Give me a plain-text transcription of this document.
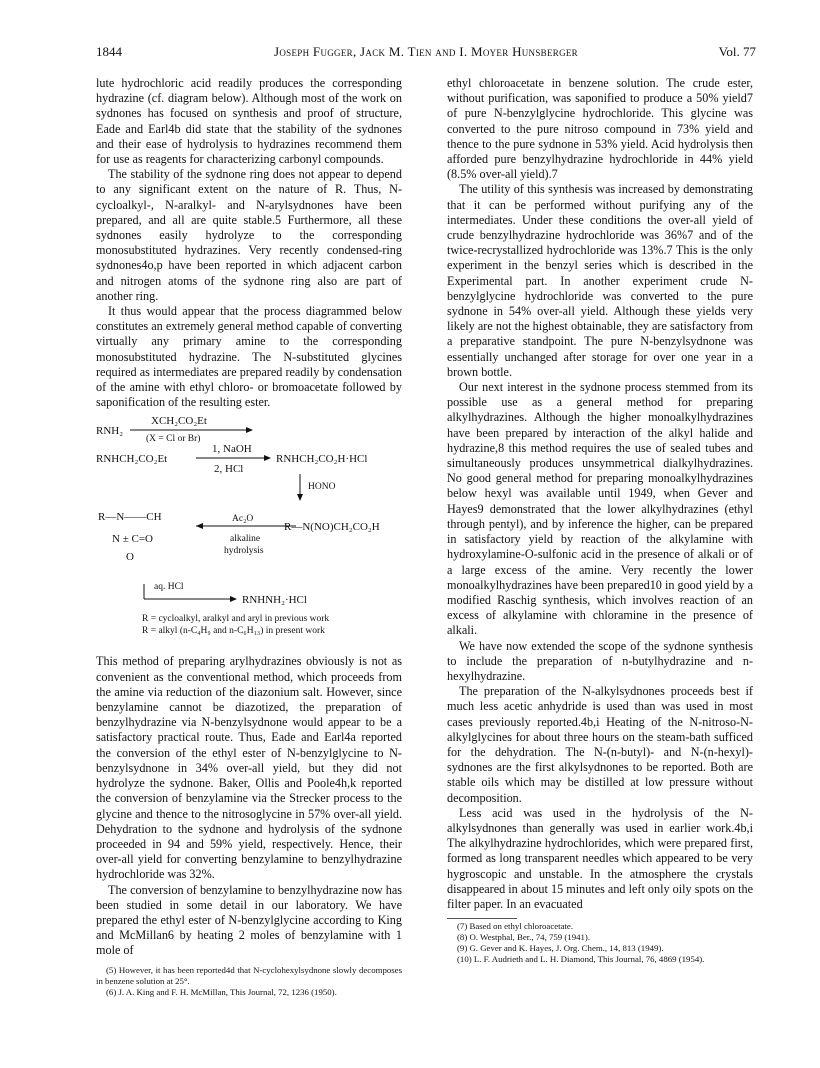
1844	Joseph Fugger, Jack M. Tien and I. Moyer Hunsberger	Vol. 77

lute hydrochloric acid readily produces the corresponding hydrazine (cf. diagram below). Although most of the work on sydnones has focused on synthesis and proof of structure, Eade and Earl4b did state that the stability of the sydnones and their ease of hydrolysis to hydrazines recommend them for use as reagents for characterizing carbonyl compounds.

The stability of the sydnone ring does not appear to depend to any significant extent on the nature of R. Thus, N-cycloalkyl-, N-aralkyl- and N-arylsydnones have been prepared, and all are quite stable.5 Furthermore, all these sydnones easily hydrolyze to the corresponding monosubstituted hydrazines. Very recently condensed-ring sydnones4o,p have been reported in which adjacent carbon and nitrogen atoms of the sydnone ring also are part of another ring.

It thus would appear that the process diagrammed below constitutes an extremely general method capable of converting virtually any primary amine to the corresponding monosubstituted hydrazine. The N-substituted glycines required as intermediates are prepared readily by condensation of the amine with ethyl chloro- or bromoacetate followed by saponification of the resulting ester.

RNH₂
XCH₂CO₂Et
(X = Cl or Br)
RNHCH₂CO₂Et
1, NaOH
2, HCl
RNHCH₂CO₂H·HCl
HONO
R—N——CH
N ± C=O
O
Ac₂O
alkaline
hydrolysis
R—N(NO)CH₂CO₂H
aq. HCl
RNHNH₂·HCl
R = cycloalkyl, aralkyl and aryl in previous work
R = alkyl (n-C₄H₉ and n-C₆H₁₃) in present work

This method of preparing arylhydrazines obviously is not as convenient as the conventional method, which proceeds from the amine via reduction of the diazonium salt. However, since benzylamine cannot be diazotized, the preparation of benzylhydrazine via N-benzylsydnone would appear to be a satisfactory practical route. Thus, Eade and Earl4a reported the conversion of the ethyl ester of N-benzylglycine to N-benzylsydnone in 34% over-all yield, but they did not hydrolyze the sydnone. Baker, Ollis and Poole4h,k reported the conversion of benzylamine via the Strecker process to the glycine and thence to the nitrosoglycine in 57% over-all yield. Dehydration to the sydnone and hydrolysis of the sydnone proceeded in 94 and 59% yield, respectively. Hence, their over-all yield for converting benzylamine to benzylhydrazine hydrochloride was 32%.

The conversion of benzylamine to benzylhydrazine now has been studied in some detail in our laboratory. We have prepared the ethyl ester of N-benzylglycine according to King and McMillan6 by heating 2 moles of benzylamine with 1 mole of

(5) However, it has been reported4d that N-cyclohexylsydnone slowly decomposes in benzene solution at 25°.

(6) J. A. King and F. H. McMillan, This Journal, 72, 1236 (1950).

ethyl chloroacetate in benzene solution. The crude ester, without purification, was saponified to produce a 50% yield7 of pure N-benzylglycine hydrochloride. This glycine was converted to the pure nitroso compound in 73% yield and thence to the pure sydnone in 53% yield. Acid hydrolysis then afforded pure benzylhydrazine hydrochloride in 44% yield (8.5% over-all yield).7

The utility of this synthesis was increased by demonstrating that it can be performed without purifying any of the intermediates. Under these conditions the over-all yield of crude benzylhydrazine hydrochloride was 36%7 and of the twice-recrystallized hydrochloride was 13%.7 This is the only experiment in the benzyl series which is described in the Experimental part. In another experiment crude N-benzylglycine hydrochloride was converted to the pure sydnone in 54% over-all yield. Although these yields very likely are not the highest obtainable, they are satisfactory from a preparative standpoint. The pure N-benzylsydnone was essentially unchanged after storage for over one year in a brown bottle.

Our next interest in the sydnone process stemmed from its possible use as a general method for preparing alkylhydrazines. Although the higher monoalkylhydrazines have been prepared by interaction of the alkyl halide and hydrazine,8 this method requires the use of sealed tubes and simultaneously produces unsymmetrical dialkylhydrazines. No good general method for preparing monoalkylhydrazines below hexyl was available until 1949, when Gever and Hayes9 demonstrated that the lower alkylhydrazines (ethyl through pentyl), and by inference the higher, can be prepared in satisfactory yield by reaction of the alkylamine with hydroxylamine-O-sulfonic acid in the presence of alkali or of a large excess of the amine. Very recently the lower monoalkylhydrazines have been prepared10 in good yield by a modified Raschig synthesis, which involves reaction of an excess of alkylamine with chloramine in the presence of alkali.

We have now extended the scope of the sydnone synthesis to include the preparation of n-butylhydrazine and n-hexylhydrazine.

The preparation of the N-alkylsydnones proceeds best if much less acetic anhydride is used than was used in most cases previously reported.4b,i Heating of the N-nitroso-N-alkylglycines for about three hours on the steam-bath sufficed for the dehydration. The N-(n-butyl)- and N-(n-hexyl)-sydnones are the first alkylsydnones to be reported. Both are stable oils which may be distilled at low pressure without decomposition.

Less acid was used in the hydrolysis of the N-alkylsydnones than generally was used in earlier work.4b,i The alkylhydrazine hydrochlorides, which were prepared first, formed as long transparent needles which appeared to be very hygroscopic and unstable. In the atmosphere the crystals disappeared in about 15 minutes and left only oily spots on the filter paper. In an evacuated

(7) Based on ethyl chloroacetate.

(8) O. Westphal, Ber., 74, 759 (1941).

(9) G. Gever and K. Hayes, J. Org. Chem., 14, 813 (1949).

(10) L. F. Audrieth and L. H. Diamond, This Journal, 76, 4869 (1954).
